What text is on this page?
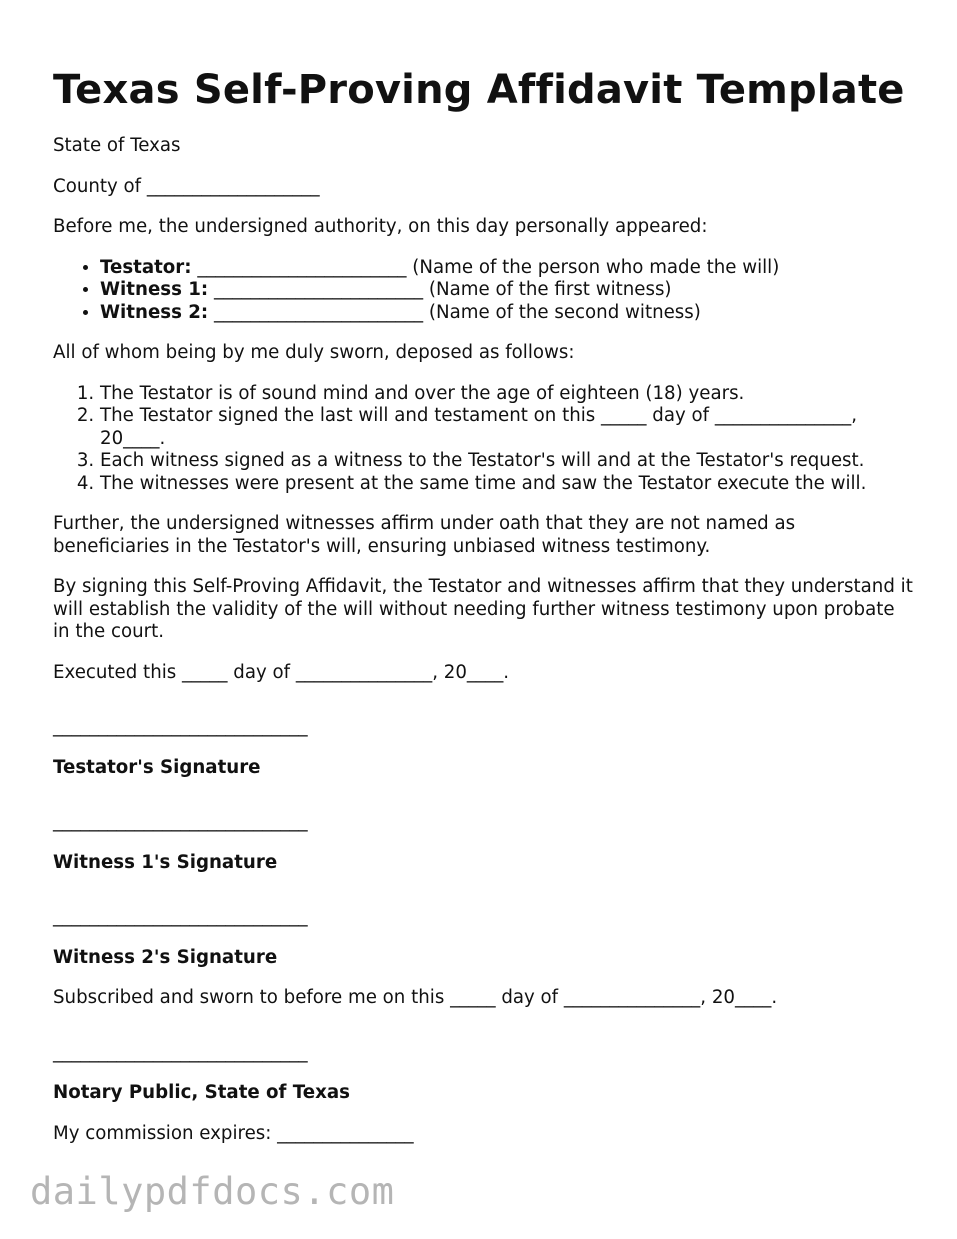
Texas Self-Proving Affidavit Template

State of Texas

County of ___________________

Before me, the undersigned authority, on this day personally appeared:

• Testator: _______________________ (Name of the person who made the will)
• Witness 1: _______________________ (Name of the first witness)
• Witness 2: _______________________ (Name of the second witness)

All of whom being by me duly sworn, deposed as follows:

1. The Testator is of sound mind and over the age of eighteen (18) years.
2. The Testator signed the last will and testament on this _____ day of _______________, 20____.
3. Each witness signed as a witness to the Testator's will and at the Testator's request.
4. The witnesses were present at the same time and saw the Testator execute the will.

Further, the undersigned witnesses affirm under oath that they are not named as beneficiaries in the Testator's will, ensuring unbiased witness testimony.

By signing this Self-Proving Affidavit, the Testator and witnesses affirm that they understand it will establish the validity of the will without needing further witness testimony upon probate in the court.

Executed this _____ day of _______________, 20____.

____________________________
Testator's Signature
____________________________
Witness 1's Signature
____________________________
Witness 2's Signature

Subscribed and sworn to before me on this _____ day of _______________, 20____.

____________________________
Notary Public, State of Texas

My commission expires: _______________

dailypdfdocs.com
